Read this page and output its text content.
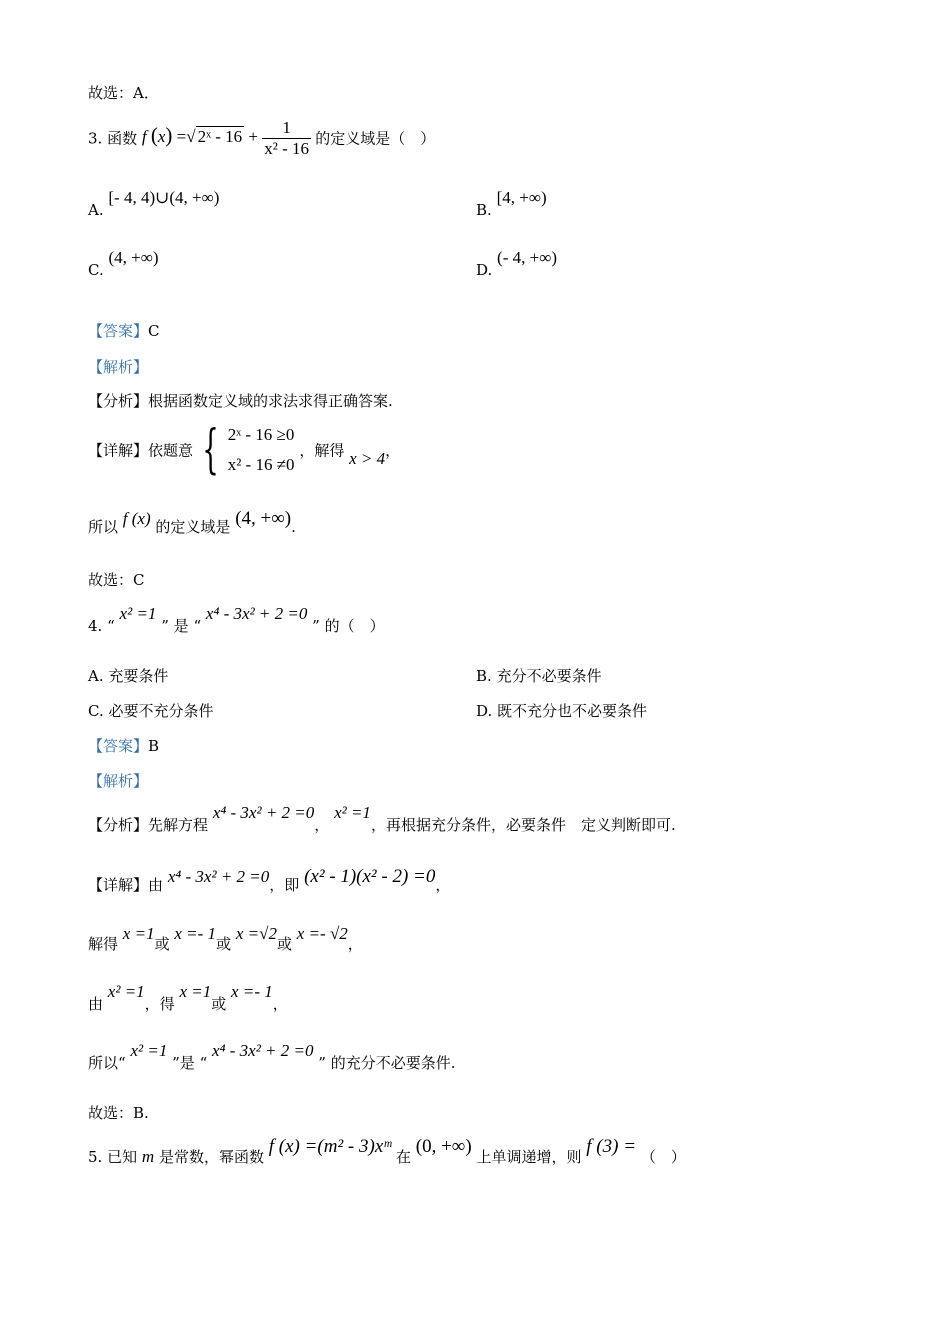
故选：A．
3. 函数 f (x) =√ 2ˣ - $16 + \frac{1}{\text{x² - 16}}$ 的定义域是（　）
A. [- 4, 4)∪(4, +∞)
B. [4, +∞)
C. (4, +∞)
D. (- 4, +∞)
【答案】C
【解析】
【分析】根据函数定义域的求法求得正确答案.
【详解】依题意 { 2ˣ - 16 ≥0
x² - 16 ≠0
，解得 x > 4，
所以 f (x) 的定义域是 (4, +∞).
故选：C
4. “ x² =1 ” 是 “ x⁴ - 3x² + 2 =0 ” 的（　）
A. 充要条件	B. 充分不必要条件
C. 必要不充分条件	D. 既不充分也不必要条件
【答案】B
【解析】
【分析】先解方程 x⁴ - 3x² + 2 =0， x² =1，再根据充分条件，必要条件　定义判断即可.
【详解】由 x⁴ - 3x² + 2 =0，即 (x² - 1)(x² - 2) =0，
解得 x =1或 x =- 1或 x =√2或 x =- √2，
由 x² =1，得 x =1或 x =- 1，
所以“ x² =1 ”是 “ x⁴ - 3x² + 2 =0 ” 的充分不必要条件.
故选：B.
5. 已知 m 是常数，幂函数 f (x) =(m² - 3)xᵐ 在 (0, +∞) 上单调递增，则 f (3) = （　）
